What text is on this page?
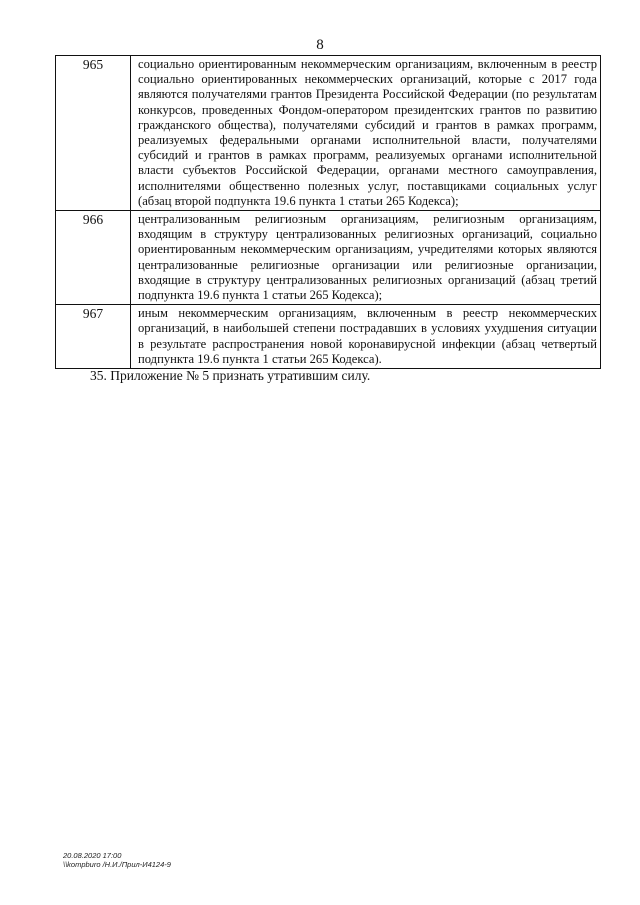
8
965	социально ориентированным некоммерческим организациям, включенным в реестр социально ориентированных некоммерческих организаций, которые с 2017 года являются получателями грантов Президента Российской Федерации (по результатам конкурсов, проведенных Фондом-оператором президентских грантов по развитию гражданского общества), получателями субсидий и грантов в рамках программ, реализуемых федеральными органами исполнительной власти, получателями субсидий и грантов в рамках программ, реализуемых органами исполнительной власти субъектов Российской Федерации, органами местного самоуправления, исполнителями общественно полезных услуг, поставщиками социальных услуг (абзац второй подпункта 19.6 пункта 1 статьи 265 Кодекса);
966	централизованным религиозным организациям, религиозным организациям, входящим в структуру централизованных религиозных организаций, социально ориентированным некоммерческим организациям, учредителями которых являются централизованные религиозные организации или религиозные организации, входящие в структуру централизованных религиозных организаций (абзац третий подпункта 19.6 пункта 1 статьи 265 Кодекса);
967	иным некоммерческим организациям, включенным в реестр некоммерческих организаций, в наибольшей степени пострадавших в условиях ухудшения ситуации в результате распространения новой коронавирусной инфекции (абзац четвертый подпункта 19.6 пункта 1 статьи 265 Кодекса).
35. Приложение № 5 признать утратившим силу.
20.08.2020 17:00
\\kompburo /Н.И./Прил-И4124-9
